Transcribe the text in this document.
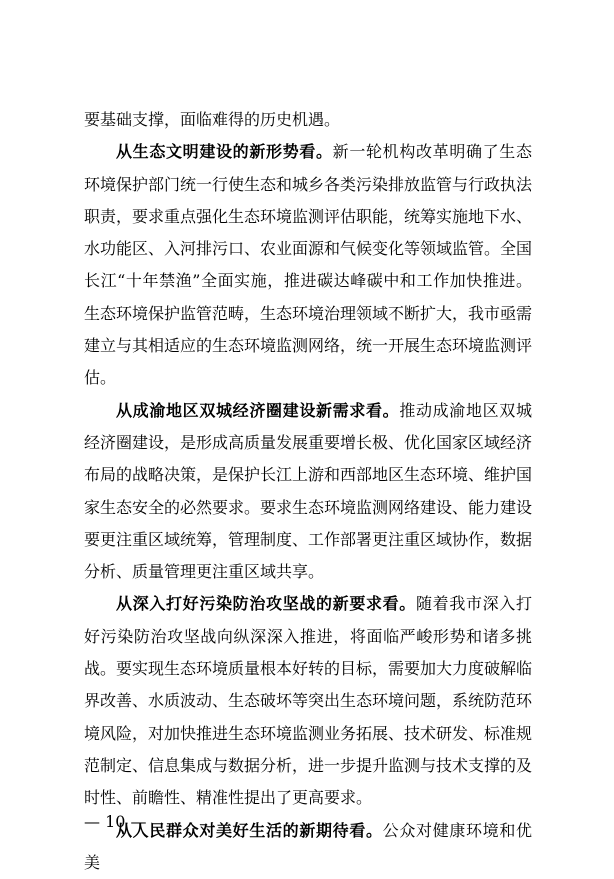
要基础支撑，面临难得的历史机遇。

从生态文明建设的新形势看。新一轮机构改革明确了生态环境保护部门统一行使生态和城乡各类污染排放监管与行政执法职责，要求重点强化生态环境监测评估职能，统筹实施地下水、水功能区、入河排污口、农业面源和气候变化等领域监管。全国长江“十年禁渔”全面实施，推进碳达峰碳中和工作加快推进。生态环境保护监管范畴，生态环境治理领域不断扩大，我市亟需建立与其相适应的生态环境监测网络，统一开展生态环境监测评估。

从成渝地区双城经济圈建设新需求看。推动成渝地区双城经济圈建设，是形成高质量发展重要增长极、优化国家区域经济布局的战略决策，是保护长江上游和西部地区生态环境、维护国家生态安全的必然要求。要求生态环境监测网络建设、能力建设要更注重区域统筹，管理制度、工作部署更注重区域协作，数据分析、质量管理更注重区域共享。

从深入打好污染防治攻坚战的新要求看。随着我市深入打好污染防治攻坚战向纵深深入推进，将面临严峻形势和诸多挑战。要实现生态环境质量根本好转的目标，需要加大力度破解临界改善、水质波动、生态破坏等突出生态环境问题，系统防范环境风险，对加快推进生态环境监测业务拓展、技术研发、标准规范制定、信息集成与数据分析，进一步提升监测与技术支撑的及时性、前瞻性、精准性提出了更高要求。

从人民群众对美好生活的新期待看。公众对健康环境和优美

— 10 —
